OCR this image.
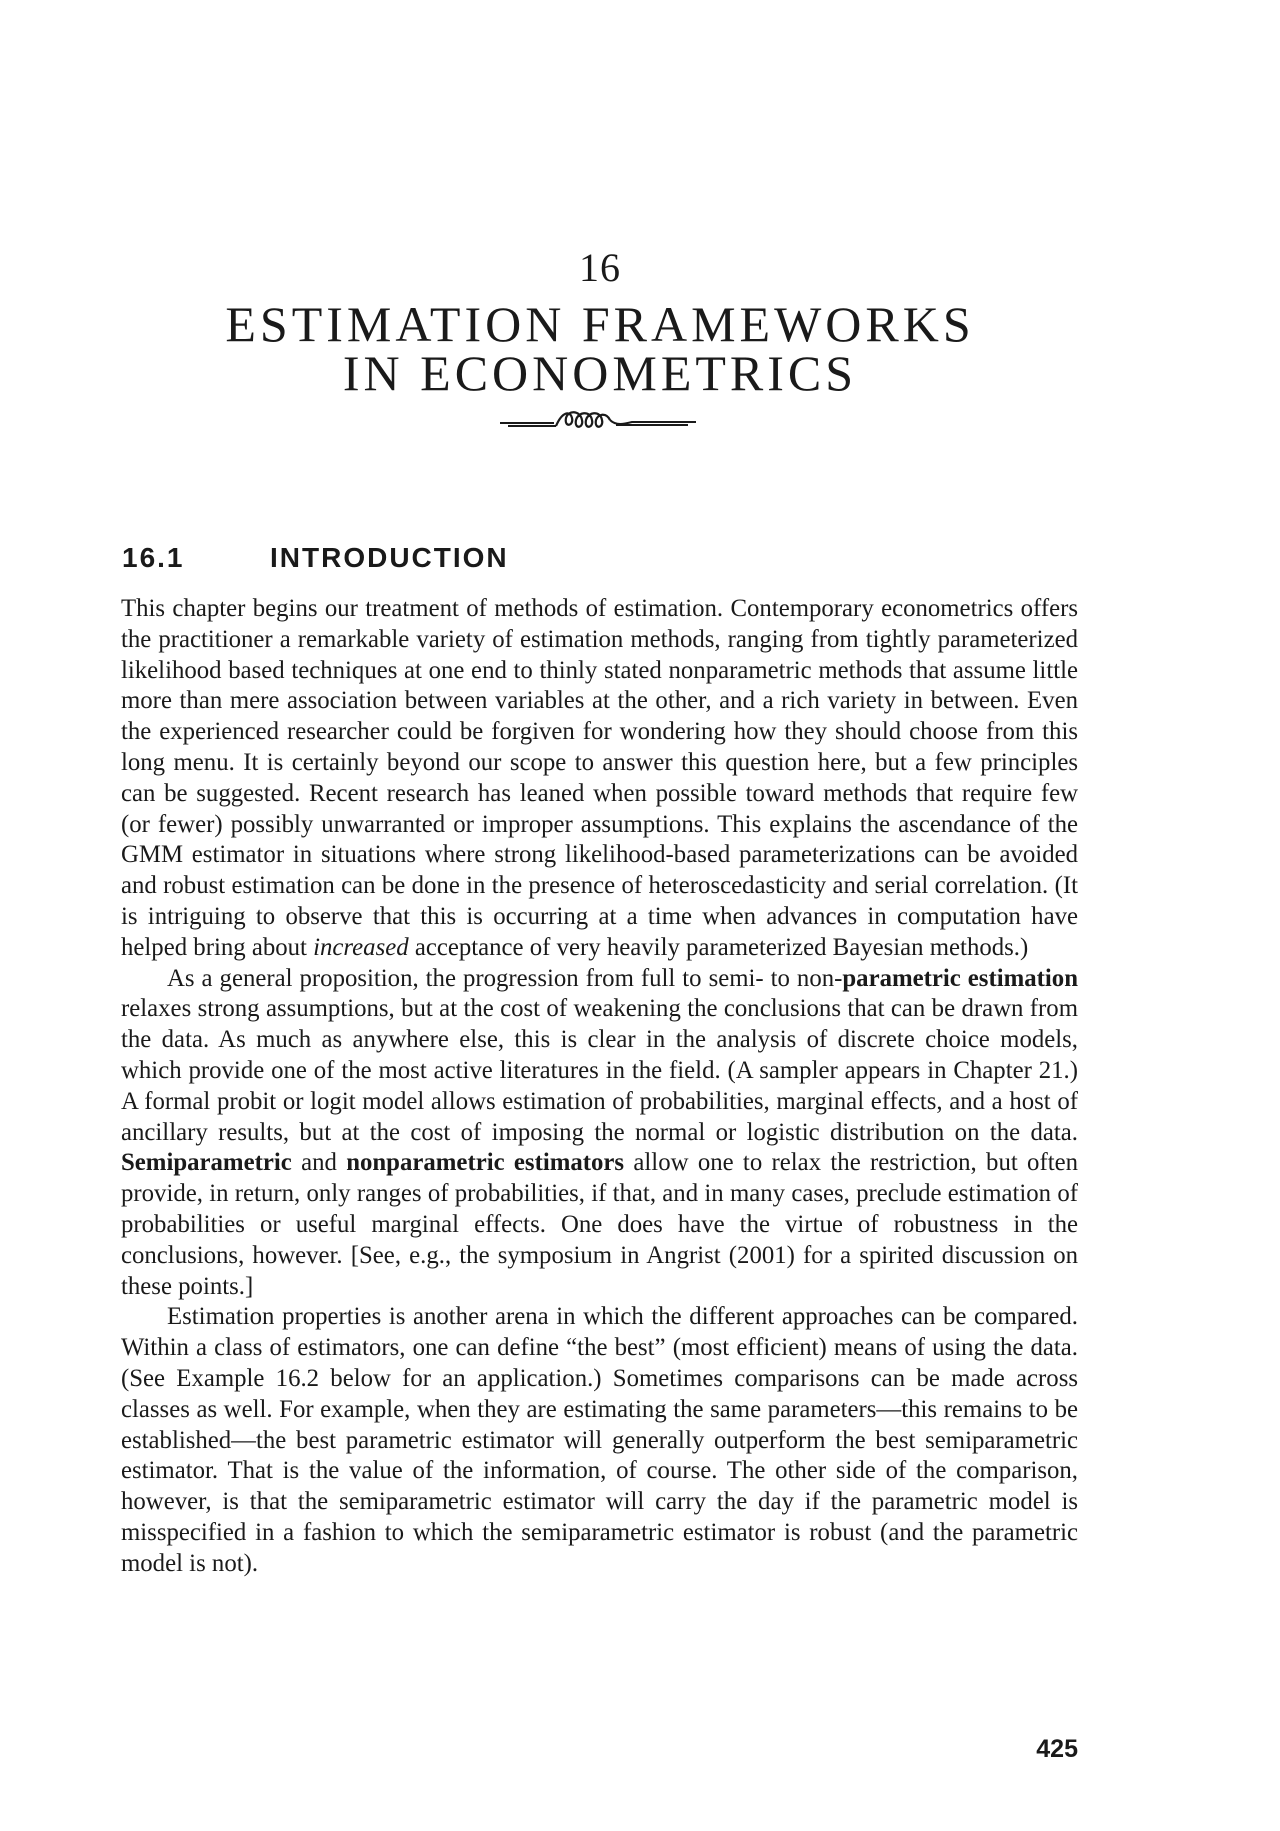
16
ESTIMATION FRAMEWORKS
IN ECONOMETRICS
16.1	INTRODUCTION

This chapter begins our treatment of methods of estimation. Contemporary econometrics offers the practitioner a remarkable variety of estimation methods, ranging from tightly parameterized likelihood based techniques at one end to thinly stated nonparametric methods that assume little more than mere association between variables at the other, and a rich variety in between. Even the experienced researcher could be forgiven for wondering how they should choose from this long menu. It is certainly beyond our scope to answer this question here, but a few principles can be suggested. Recent research has leaned when possible toward methods that require few (or fewer) possibly unwarranted or improper assumptions. This explains the ascendance of the GMM estimator in situations where strong likelihood-based parameterizations can be avoided and robust estimation can be done in the presence of heteroscedasticity and serial correlation. (It is intriguing to observe that this is occurring at a time when advances in computation have helped bring about increased acceptance of very heavily parameterized Bayesian methods.)

As a general proposition, the progression from full to semi- to non-parametric estimation relaxes strong assumptions, but at the cost of weakening the conclusions that can be drawn from the data. As much as anywhere else, this is clear in the analysis of discrete choice models, which provide one of the most active literatures in the field. (A sampler appears in Chapter 21.) A formal probit or logit model allows estimation of probabilities, marginal effects, and a host of ancillary results, but at the cost of imposing the normal or logistic distribution on the data. Semiparametric and nonparametric estimators allow one to relax the restriction, but often provide, in return, only ranges of probabilities, if that, and in many cases, preclude estimation of probabilities or useful marginal effects. One does have the virtue of robustness in the conclusions, however. [See, e.g., the symposium in Angrist (2001) for a spirited discussion on these points.]

Estimation properties is another arena in which the different approaches can be compared. Within a class of estimators, one can define “the best” (most efficient) means of using the data. (See Example 16.2 below for an application.) Sometimes comparisons can be made across classes as well. For example, when they are estimating the same parameters—this remains to be established—the best parametric estimator will generally outperform the best semiparametric estimator. That is the value of the information, of course. The other side of the comparison, however, is that the semiparametric estimator will carry the day if the parametric model is misspecified in a fashion to which the semiparametric estimator is robust (and the parametric model is not).

425
